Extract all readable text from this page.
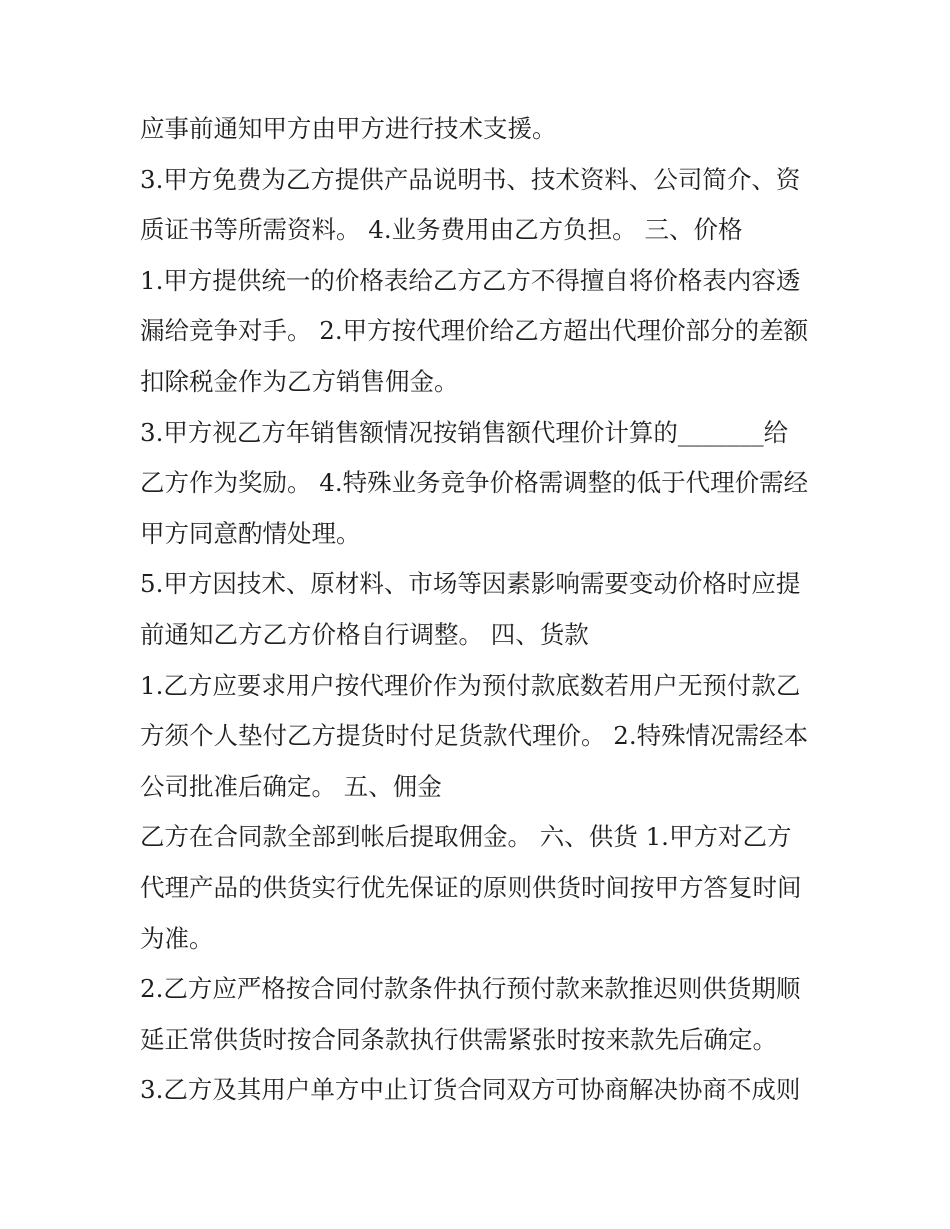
应事前通知甲方由甲方进行技术支援。
3.甲方免费为乙方提供产品说明书、技术资料、公司简介、资
质证书等所需资料。 4.业务费用由乙方负担。 三、价格
1.甲方提供统一的价格表给乙方乙方不得擅自将价格表内容透
漏给竞争对手。 2.甲方按代理价给乙方超出代理价部分的差额
扣除税金作为乙方销售佣金。
3.甲方视乙方年销售额情况按销售额代理价计算的_______给
乙方作为奖励。 4.特殊业务竞争价格需调整的低于代理价需经
甲方同意酌情处理。
5.甲方因技术、原材料、市场等因素影响需要变动价格时应提
前通知乙方乙方价格自行调整。 四、货款
1.乙方应要求用户按代理价作为预付款底数若用户无预付款乙
方须个人垫付乙方提货时付足货款代理价。 2.特殊情况需经本
公司批准后确定。 五、佣金
乙方在合同款全部到帐后提取佣金。 六、供货 1.甲方对乙方
代理产品的供货实行优先保证的原则供货时间按甲方答复时间
为准。
2.乙方应严格按合同付款条件执行预付款来款推迟则供货期顺
延正常供货时按合同条款执行供需紧张时按来款先后确定。
3.乙方及其用户单方中止订货合同双方可协商解决协商不成则
